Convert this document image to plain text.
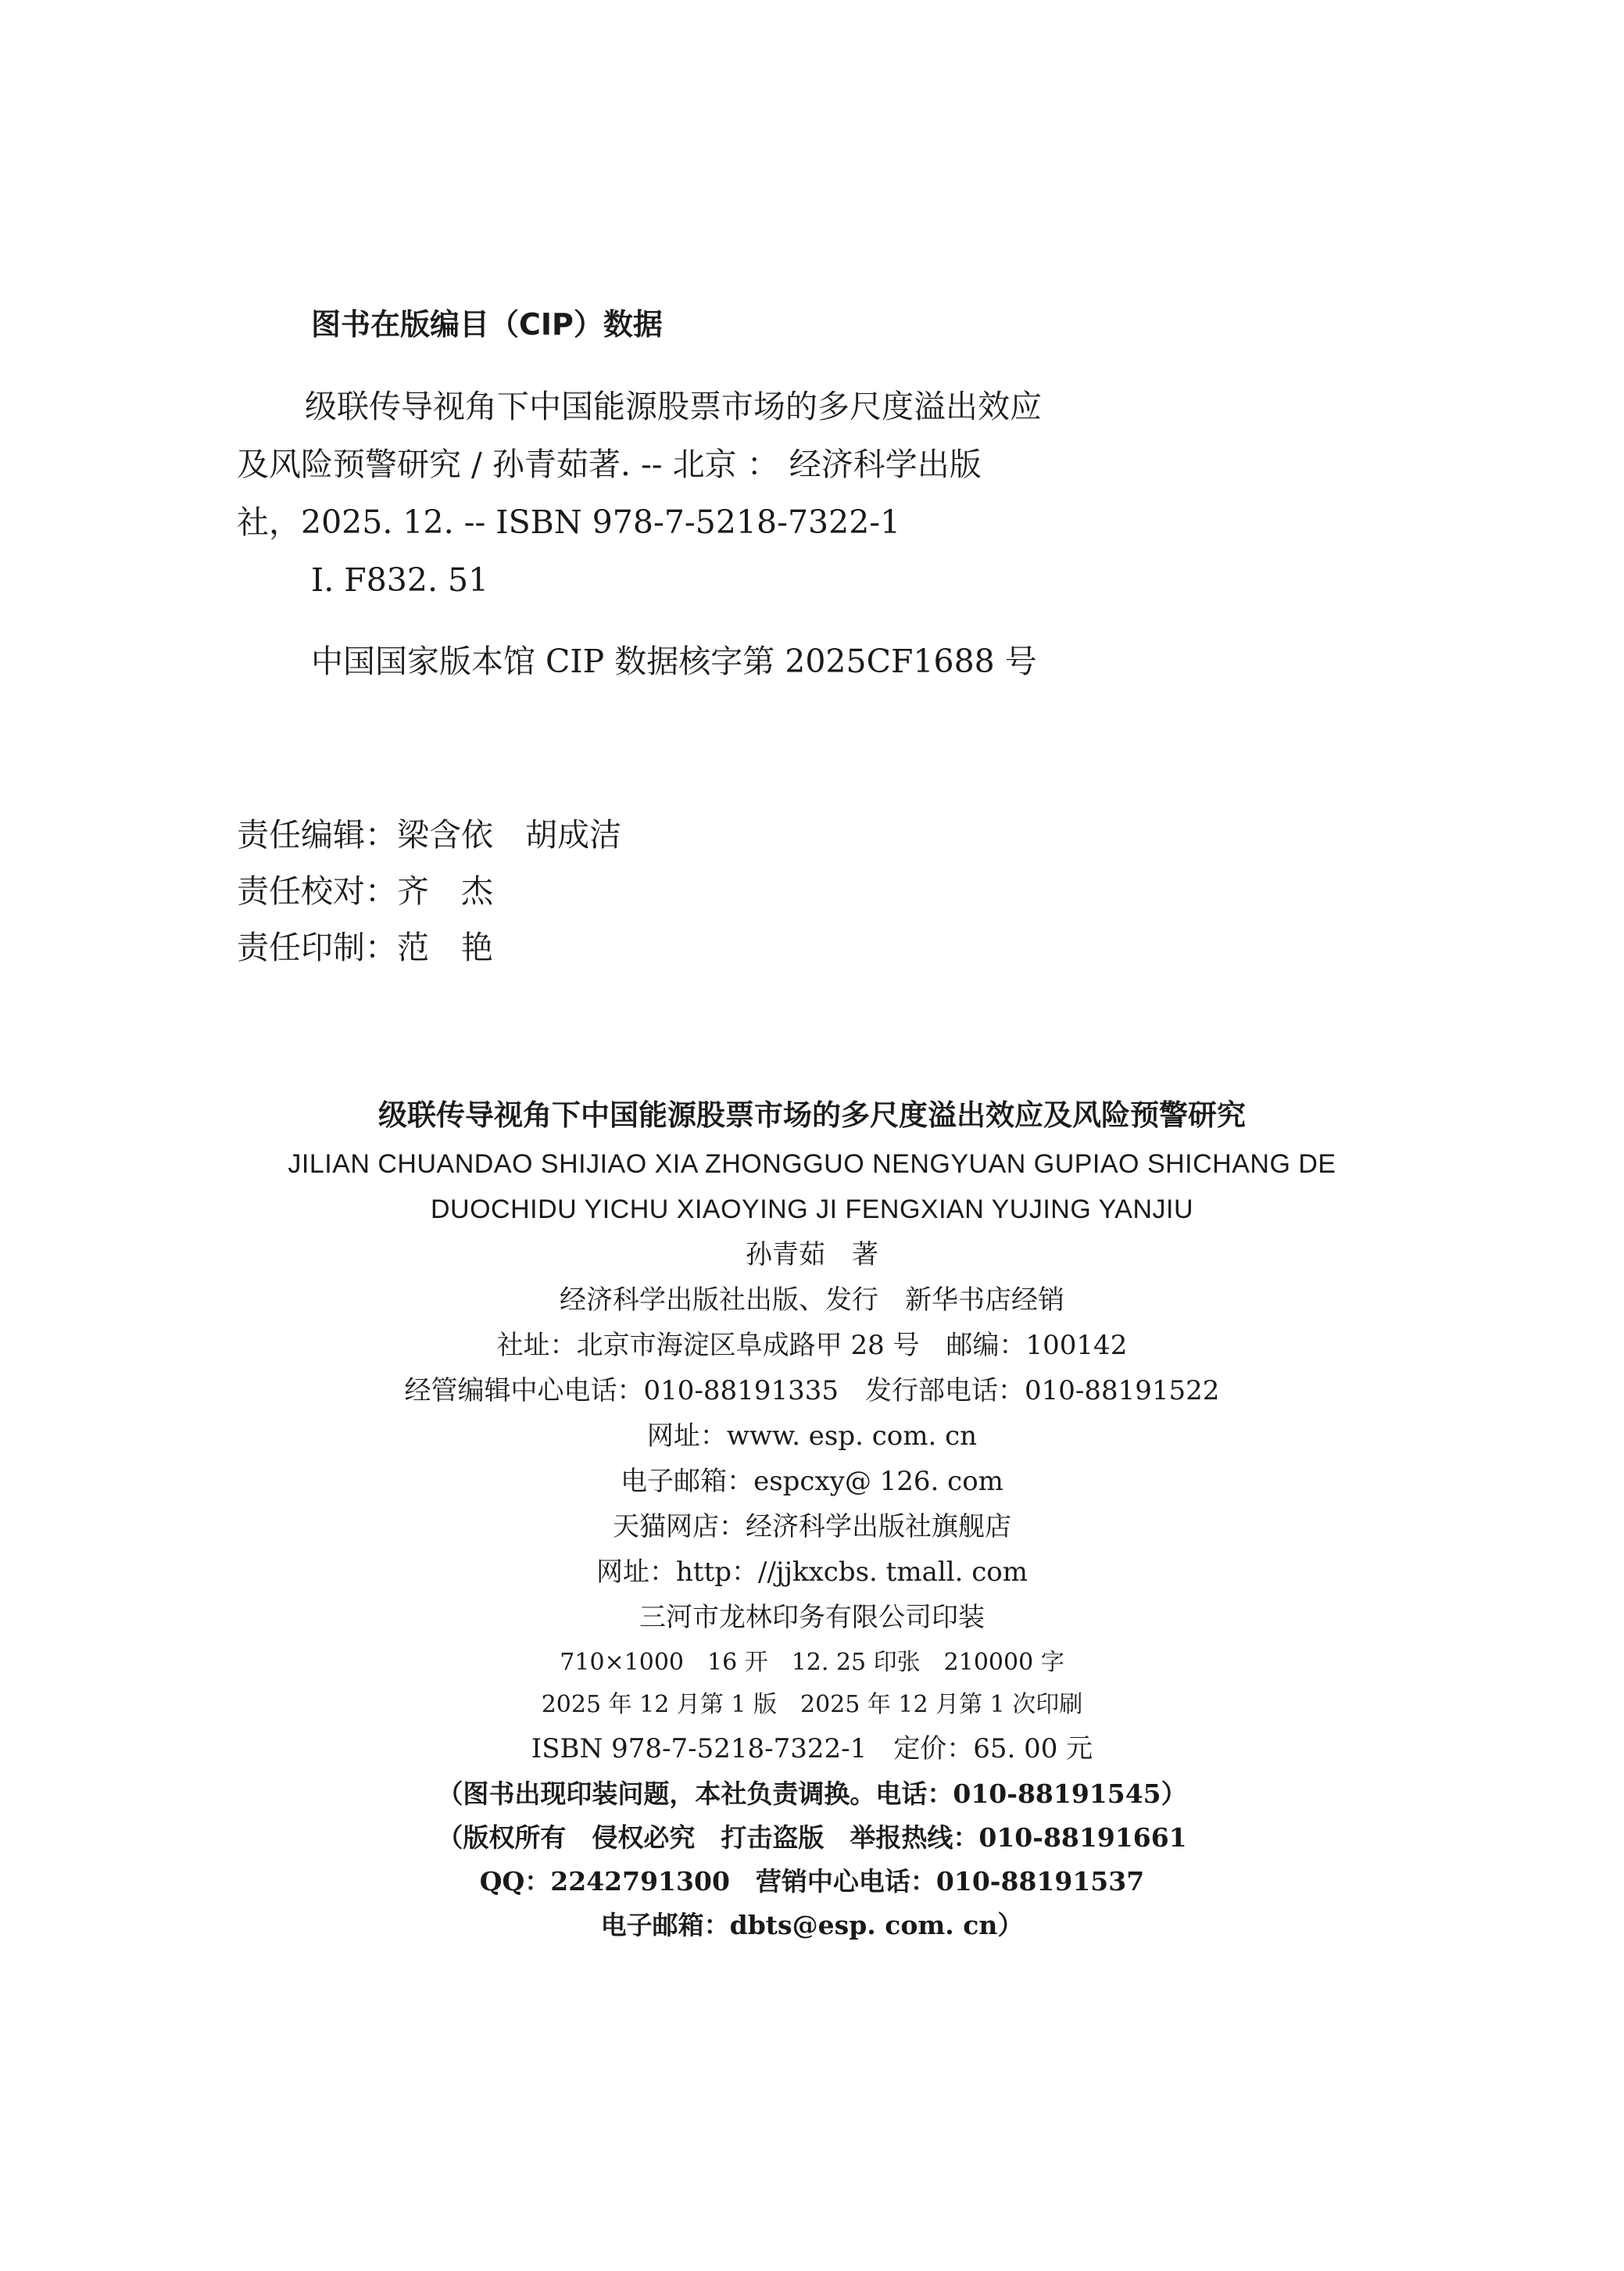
图书在版编目（CIP）数据
级联传导视角下中国能源股票市场的多尺度溢出效应
及风险预警研究 / 孙青茹著. -- 北京 ： 经济科学出版
社，2025. 12. -- ISBN 978-7-5218-7322-1
Ⅰ. F832. 51
中国国家版本馆 CIP 数据核字第 2025CF1688 号
责任编辑：梁含依　胡成洁
责任校对：齐　杰
责任印制：范　艳
级联传导视角下中国能源股票市场的多尺度溢出效应及风险预警研究
JILIAN CHUANDAO SHIJIAO XIA ZHONGGUO NENGYUAN GUPIAO SHICHANG DE
DUOCHIDU YICHU XIAOYING JI FENGXIAN YUJING YANJIU
孙青茹　著
经济科学出版社出版、发行　新华书店经销
社址：北京市海淀区阜成路甲 28 号　邮编：100142
经管编辑中心电话：010-88191335　发行部电话：010-88191522
网址：www. esp. com. cn
电子邮箱：espcxy@ 126. com
天猫网店：经济科学出版社旗舰店
网址：http：//jjkxcbs. tmall. com
三河市龙林印务有限公司印装
710×1000　16 开　12. 25 印张　210000 字
2025 年 12 月第 1 版　2025 年 12 月第 1 次印刷
ISBN 978-7-5218-7322-1　定价：65. 00 元
（图书出现印装问题，本社负责调换。电话：010-88191545）
（版权所有　侵权必究　打击盗版　举报热线：010-88191661
QQ：2242791300　营销中心电话：010-88191537
电子邮箱：dbts@esp. com. cn）
